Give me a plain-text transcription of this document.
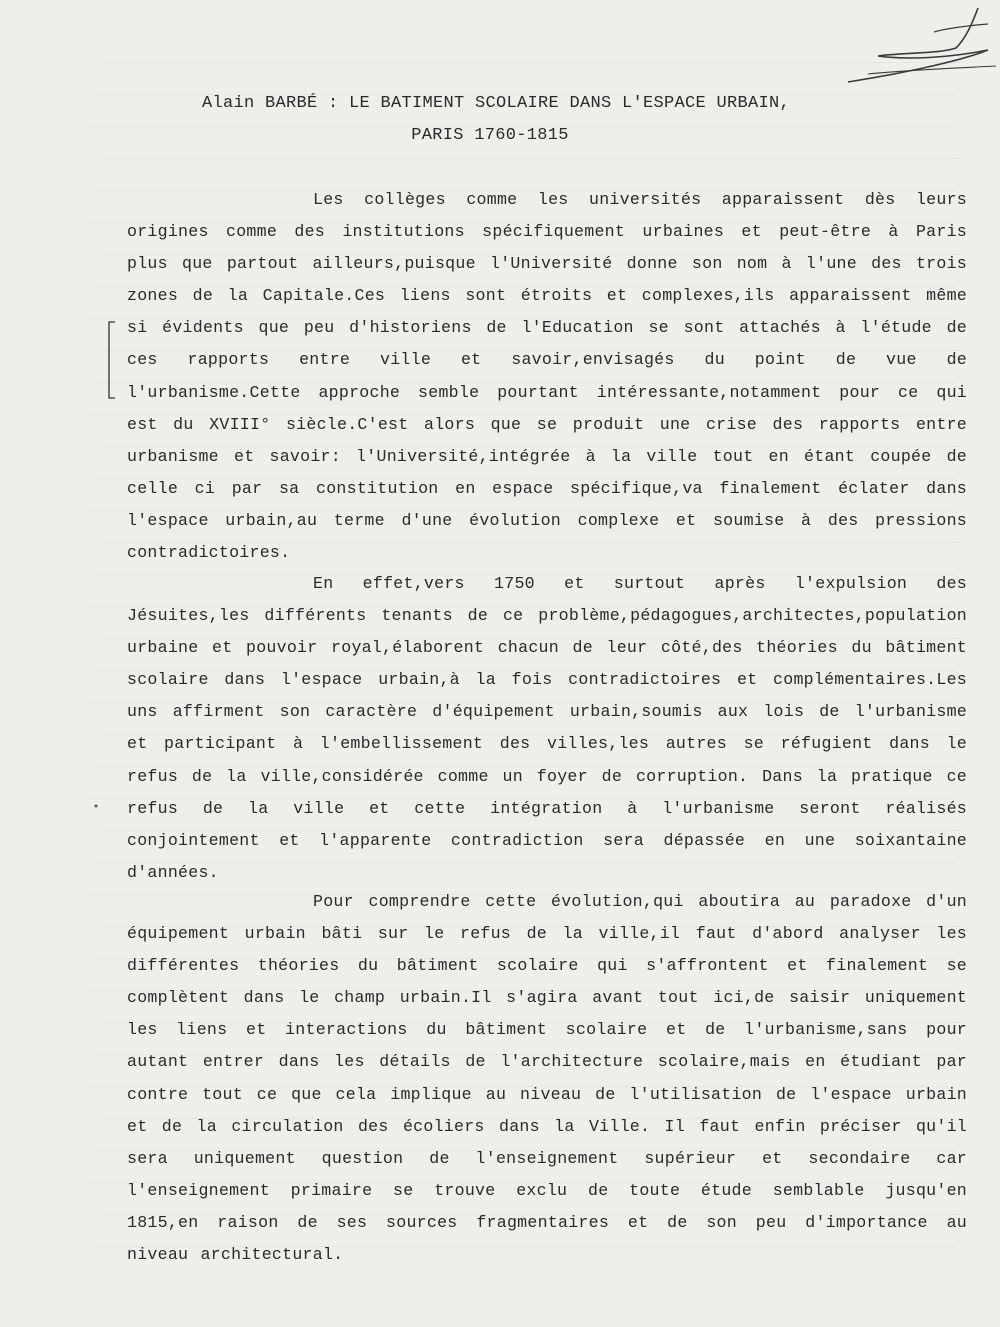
Alain BARBÉ : LE BATIMENT SCOLAIRE DANS L'ESPACE URBAIN,
PARIS 1760-1815

Les collèges comme les universités apparaissent dès leurs origines comme des institutions spécifiquement urbaines et peut-être à Paris plus que partout ailleurs,puisque l'Université donne son nom à l'une des trois zones de la Capitale.Ces liens sont étroits et complexes,ils apparaissent même si évidents que peu d'historiens de l'Education se sont attachés à l'étude de ces rapports entre ville et savoir,envisagés du point de vue de l'urbanisme.Cette approche semble pourtant intéressante,notamment pour ce qui est du XVIII° siècle.C'est alors que se produit une crise des rapports entre urbanisme et savoir: l'Université,intégrée à la ville tout en étant coupée de celle ci par sa constitution en espace spécifique,va finalement éclater dans l'espace urbain,au terme d'une évolution complexe et soumise à des pressions contradictoires.

En effet,vers 1750 et surtout après l'expulsion des Jésuites,les différents tenants de ce problème,pédagogues,architectes,population urbaine et pouvoir royal,élaborent chacun de leur côté,des théories du bâtiment scolaire dans l'espace urbain,à la fois contradictoires et complémentaires.Les uns affirment son caractère d'équipement urbain,soumis aux lois de l'urbanisme et participant à l'embellissement des villes,les autres se réfugient dans le refus de la ville,considérée comme un foyer de corruption. Dans la pratique ce refus de la ville et cette intégration à l'urbanisme seront réalisés conjointement et l'apparente contradiction sera dépassée en une soixantaine d'années.

Pour comprendre cette évolution,qui aboutira au paradoxe d'un équipement urbain bâti sur le refus de la ville,il faut d'abord analyser les différentes théories du bâtiment scolaire qui s'affrontent et finalement se complètent dans le champ urbain.Il s'agira avant tout ici,de saisir uniquement les liens et interactions du bâtiment scolaire et de l'urbanisme,sans pour autant entrer dans les détails de l'architecture scolaire,mais en étudiant par contre tout ce que cela implique au niveau de l'utilisation de l'espace urbain et de la circulation des écoliers dans la Ville. Il faut enfin préciser qu'il sera uniquement question de l'enseignement supérieur et secondaire car l'enseignement primaire se trouve exclu de toute étude semblable jusqu'en 1815,en raison de ses sources fragmentaires et de son peu d'importance au niveau architectural.
